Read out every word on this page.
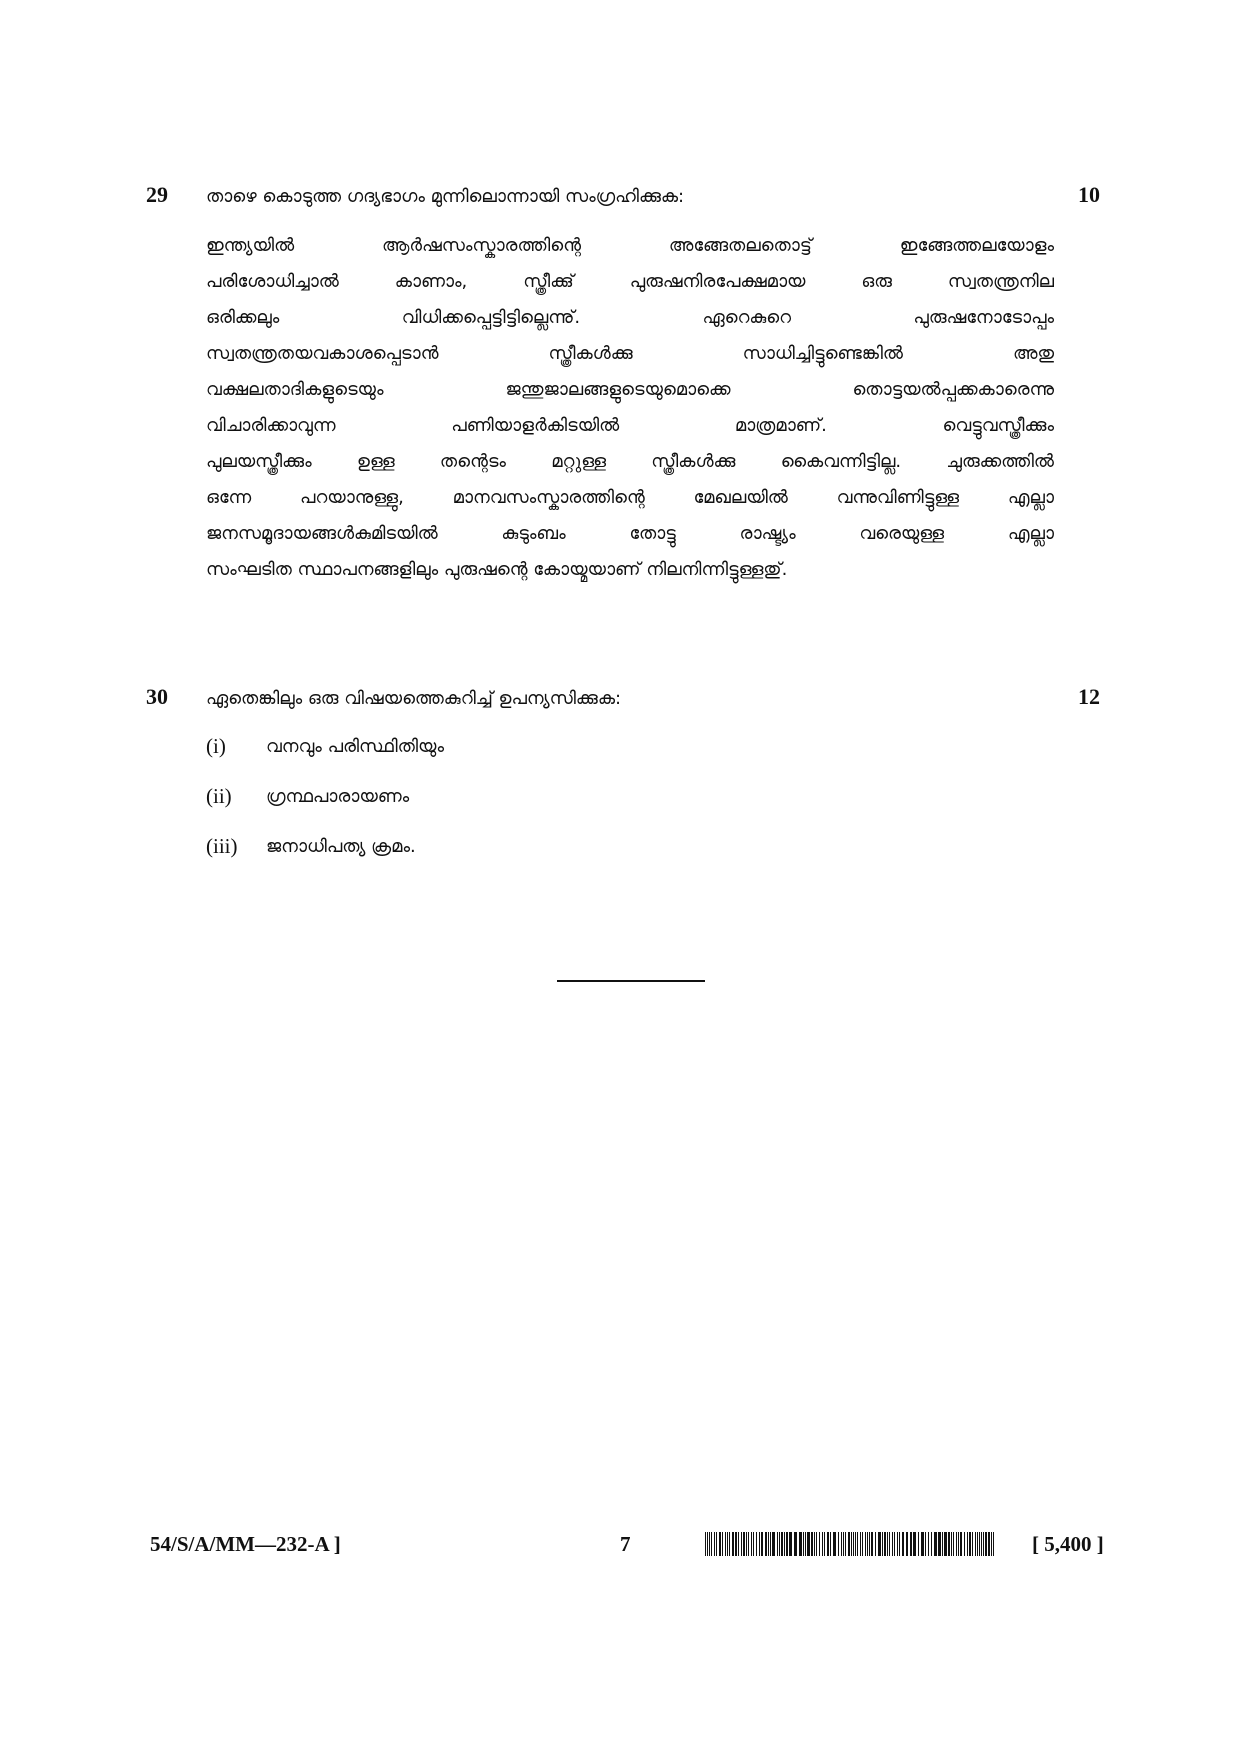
29 താഴെ കൊടുത്ത ഗദ്യഭാഗം മുന്നിലൊന്നായി സംഗ്രഹിക്കുക:	10
ഇന്ത്യയിൽ ആർഷസംസ്കാരത്തിന്റെ അങ്ങേതലതൊട്ട് ഇങ്ങേത്തലയോളം
പരിശോധിച്ചാൽ കാണാം, സ്ത്രീക്കു് പുരുഷനിരപേക്ഷമായ ഒരു സ്വതന്ത്രനില
ഒരിക്കലും വിധിക്കപ്പെട്ടിട്ടില്ലെന്നു്. ഏറെകുറെ പുരുഷനോടോപ്പം
സ്വതന്ത്രതയവകാശപ്പെടാൻ സ്ത്രീകൾക്കു സാധിച്ചിട്ടുണ്ടെങ്കിൽ അതു
വക്ഷലതാദികളുടെയും ജന്തുജാലങ്ങളുടെയുമൊക്കെ തൊട്ടയൽപ്പക്കകാരെന്നു
വിചാരിക്കാവുന്ന പണിയാളർകിടയിൽ മാത്രമാണ്. വെട്ടുവസ്ത്രീക്കും
പുലയസ്ത്രീക്കും ഉള്ള തന്റെടം മറ്റുള്ള സ്ത്രീകൾക്കു കൈവന്നിട്ടില്ല. ചുരുക്കത്തിൽ
ഒന്നേ പറയാനുള്ളു, മാനവസംസ്കാരത്തിന്റെ മേഖലയിൽ വന്നുവിണിട്ടുള്ള എല്ലാ
ജനസമൂദായങ്ങൾകുമിടയിൽ കുടുംബം തോട്ടു രാഷ്ട്യം വരെയുള്ള എല്ലാ
സംഘടിത സ്ഥാപനങ്ങളിലും പുരുഷന്റെ കോയ്മയാണ് നിലനിന്നിട്ടുള്ളതു്.
30 ഏതെങ്കിലും ഒരു വിഷയത്തെകുറിച്ച് ഉപന്യസിക്കുക:	12
(i) വനവും പരിസ്ഥിതിയും
(ii) ഗ്രന്ഥപാരായണം
(iii) ജനാധിപത്യ ക്രമം.
54/S/A/MM—232-A ]	7	[ 5,400 ]
